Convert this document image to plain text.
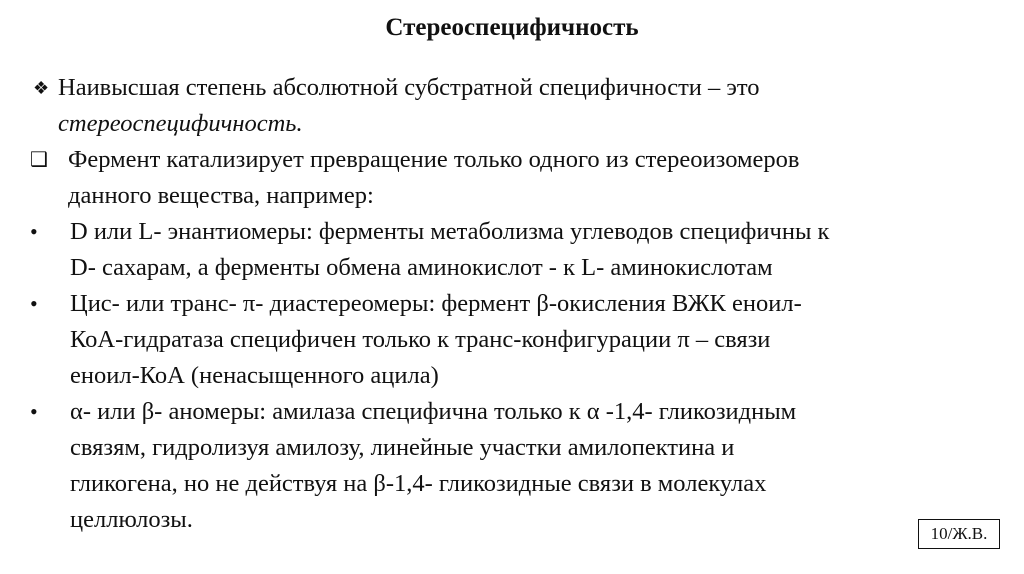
Стереоспецифичность
❖ Наивысшая степень абсолютной субстратной специфичности – это
стереоспецифичность.
❑ Фермент катализирует превращение только одного из стереоизомеров
данного вещества, например:
• D или L- энантиомеры: ферменты метаболизма углеводов специфичны к
D- сахарам, а ферменты обмена аминокислот - к L- аминокислотам
• Цис- или транс- π- диастереомеры: фермент β-окисления ВЖК еноил-
КоА-гидратаза специфичен только к транс-конфигурации π – связи
еноил-КоА (ненасыщенного ацила)
• α- или β- аномеры: амилаза специфична только к α -1,4- гликозидным
связям, гидролизуя амилозу, линейные участки амилопектина и
гликогена, но не действуя на β-1,4- гликозидные связи в молекулах
целлюлозы.
10/Ж.В.
